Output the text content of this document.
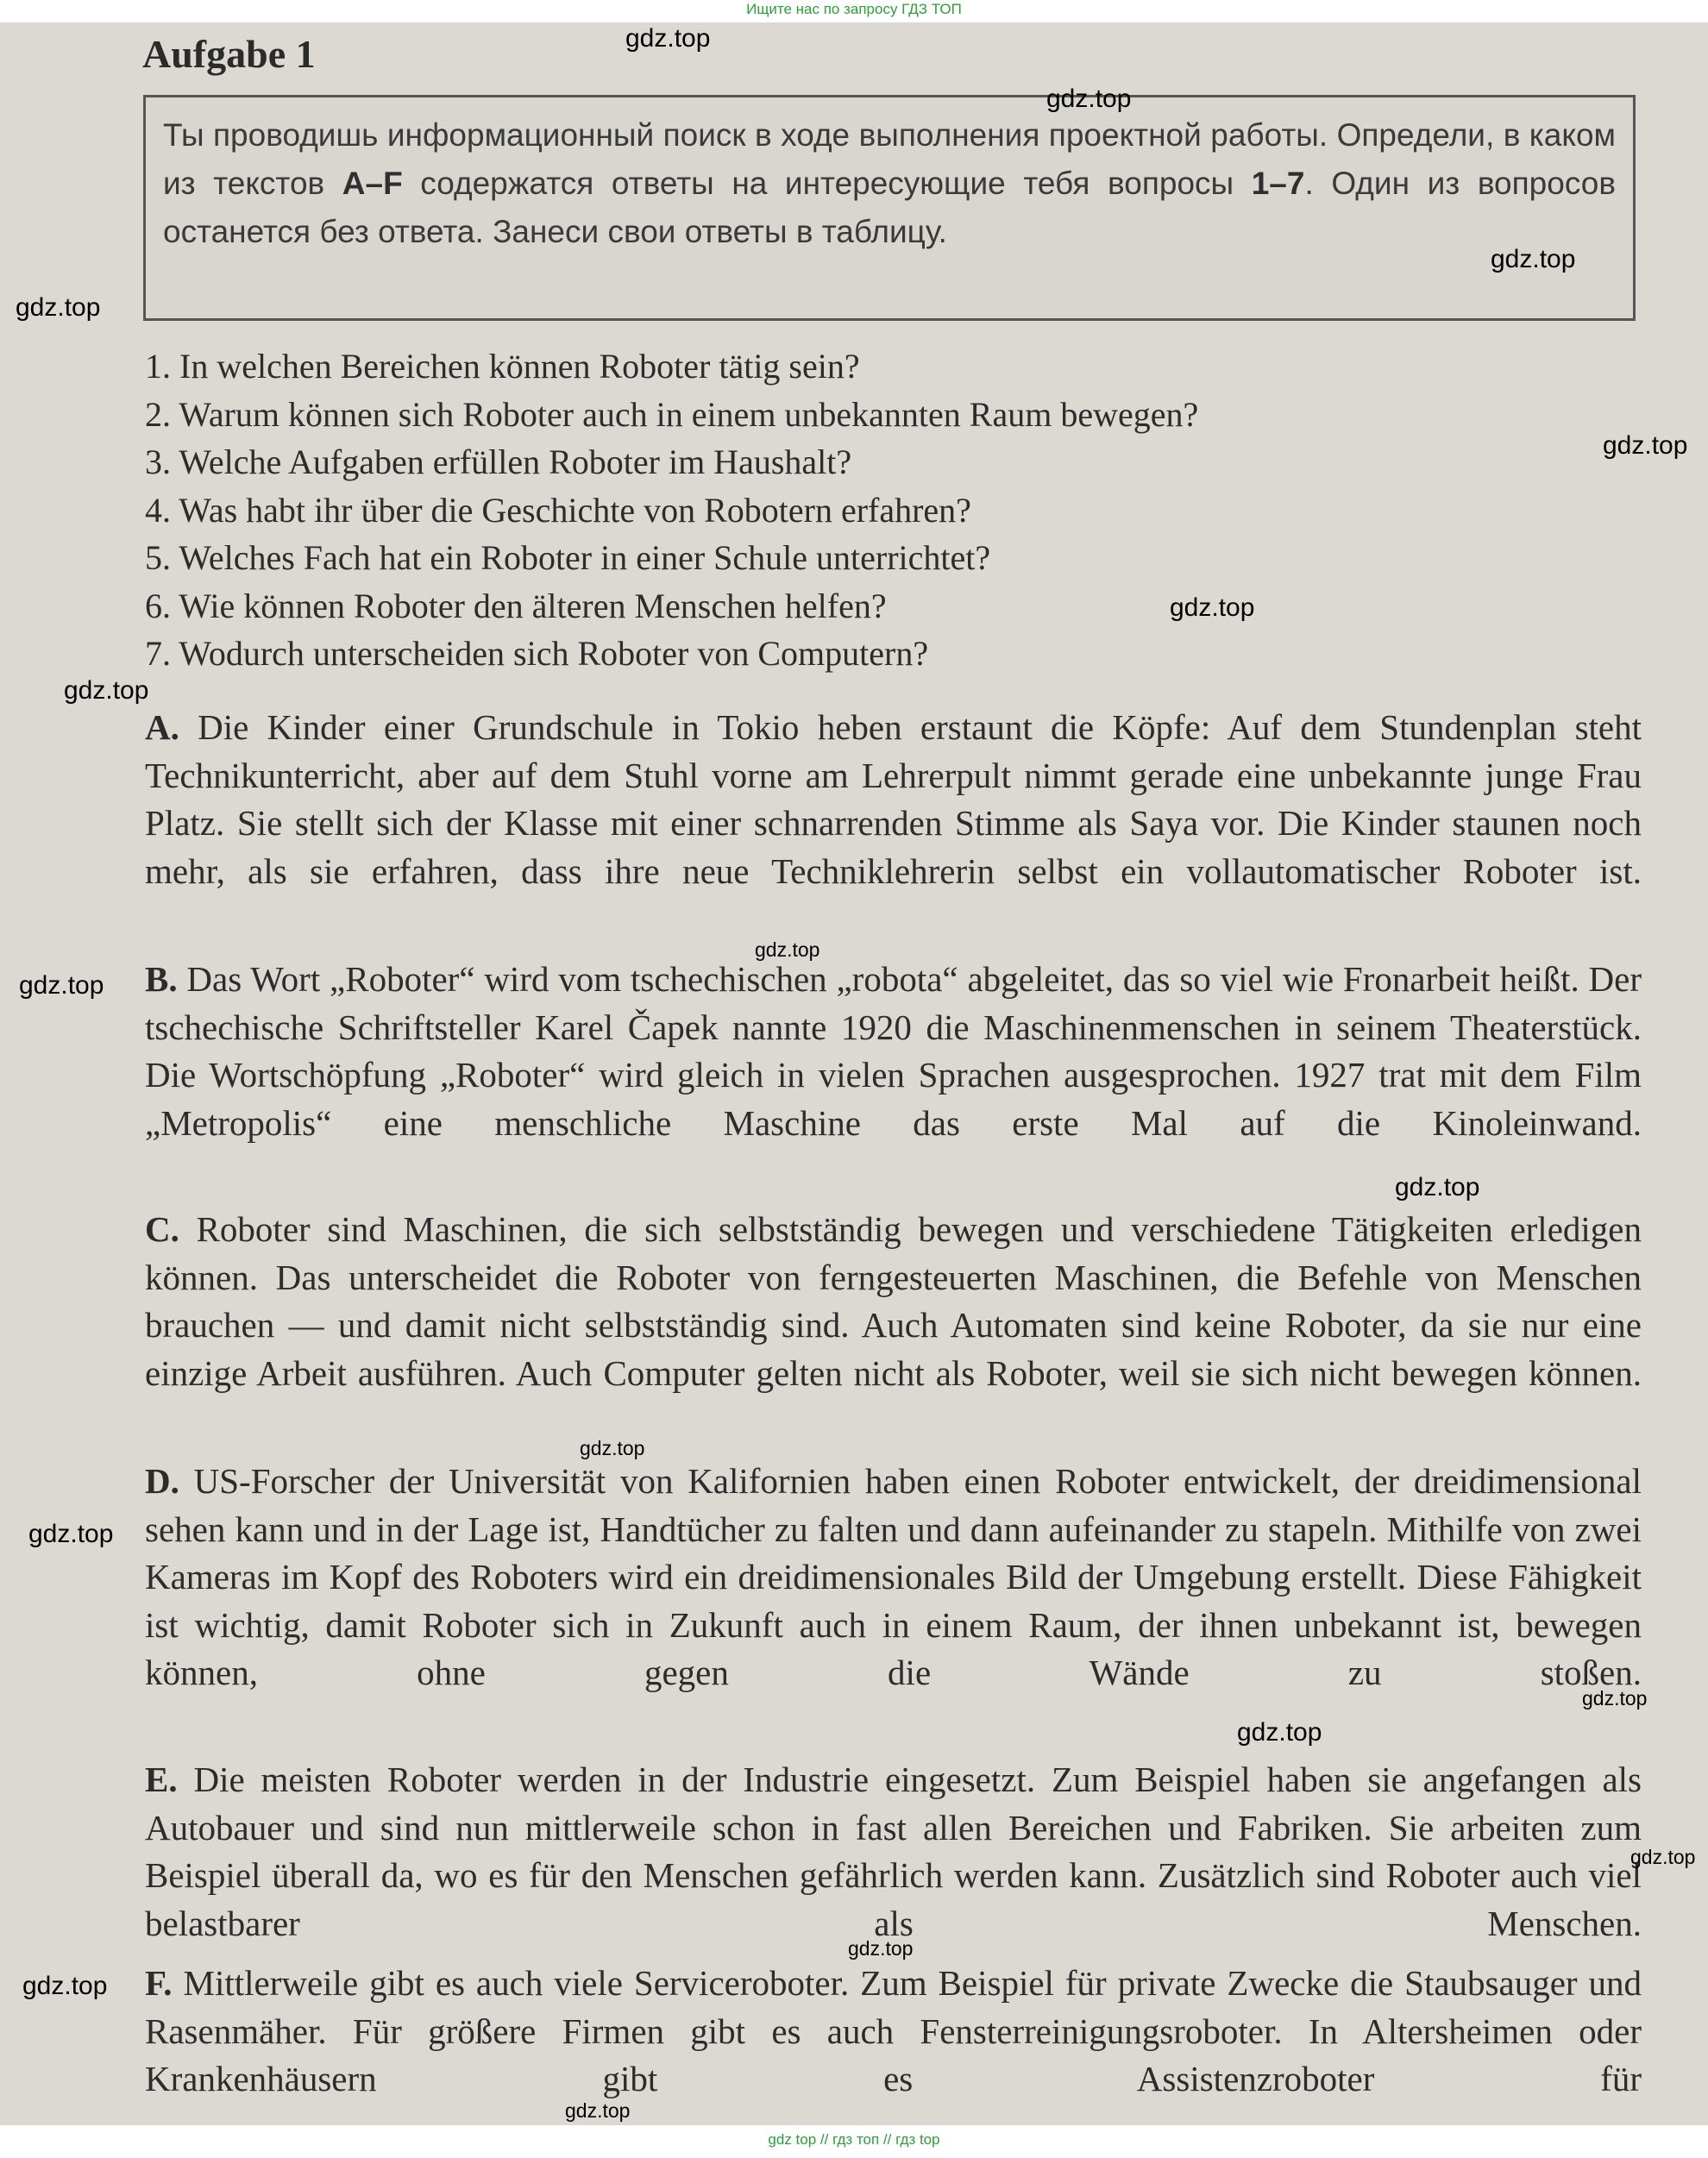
Ищите нас по запросу ГДЗ ТОП
Aufgabe 1
Ты проводишь информационный поиск в ходе выполнения проектной работы. Определи, в каком из текстов A–F содержатся ответы на интересующие тебя вопросы 1–7. Один из вопросов останется без ответа. Занеси свои ответы в таблицу.
1. In welchen Bereichen können Roboter tätig sein?
2. Warum können sich Roboter auch in einem unbekannten Raum bewegen?
3. Welche Aufgaben erfüllen Roboter im Haushalt?
4. Was habt ihr über die Geschichte von Robotern erfahren?
5. Welches Fach hat ein Roboter in einer Schule unterrichtet?
6. Wie können Roboter den älteren Menschen helfen?
7. Wodurch unterscheiden sich Roboter von Computern?

A. Die Kinder einer Grundschule in Tokio heben erstaunt die Köpfe: Auf dem Stundenplan steht Technikunterricht, aber auf dem Stuhl vorne am Lehrerpult nimmt gerade eine unbekannte junge Frau Platz. Sie stellt sich der Klasse mit einer schnarrenden Stimme als Saya vor. Die Kinder staunen noch mehr, als sie erfahren, dass ihre neue Techniklehrerin selbst ein vollautomatischer Roboter ist.

B. Das Wort „Roboter“ wird vom tschechischen „robota“ abgeleitet, das so viel wie Fronarbeit heißt. Der tschechische Schriftsteller Karel Čapek nannte 1920 die Maschinenmenschen in seinem Theaterstück. Die Wortschöpfung „Roboter“ wird gleich in vielen Sprachen ausgesprochen. 1927 trat mit dem Film „Metropolis“ eine menschliche Maschine das erste Mal auf die Kinoleinwand.

C. Roboter sind Maschinen, die sich selbstständig bewegen und verschiedene Tätigkeiten erledigen können. Das unterscheidet die Roboter von ferngesteuerten Maschinen, die Befehle von Menschen brauchen — und damit nicht selbstständig sind. Auch Automaten sind keine Roboter, da sie nur eine einzige Arbeit ausführen. Auch Computer gelten nicht als Roboter, weil sie sich nicht bewegen können.

D. US-Forscher der Universität von Kalifornien haben einen Roboter entwickelt, der dreidimensional sehen kann und in der Lage ist, Handtücher zu falten und dann aufeinander zu stapeln. Mithilfe von zwei Kameras im Kopf des Roboters wird ein dreidimensionales Bild der Umgebung erstellt. Diese Fähigkeit ist wichtig, damit Roboter sich in Zukunft auch in einem Raum, der ihnen unbekannt ist, bewegen können, ohne gegen die Wände zu stoßen.

E. Die meisten Roboter werden in der Industrie eingesetzt. Zum Beispiel haben sie angefangen als Autobauer und sind nun mittlerweile schon in fast allen Bereichen und Fabriken. Sie arbeiten zum Beispiel überall da, wo es für den Menschen gefährlich werden kann. Zusätzlich sind Roboter auch viel belastbarer als Menschen.

F. Mittlerweile gibt es auch viele Serviceroboter. Zum Beispiel für private Zwecke die Staubsauger und Rasenmäher. Für größere Firmen gibt es auch Fensterreinigungsroboter. In Altersheimen oder Krankenhäusern gibt es Assistenzroboter für

gdz.top
gdz.top
gdz.top
gdz.top
gdz.top
gdz.top
gdz.top
gdz.top
gdz.top
gdz.top
gdz.top
gdz.top
gdz.top
gdz.top
gdz.top
gdz.top
gdz.top
gdz.top
gdz top // гдз топ // гдз top
